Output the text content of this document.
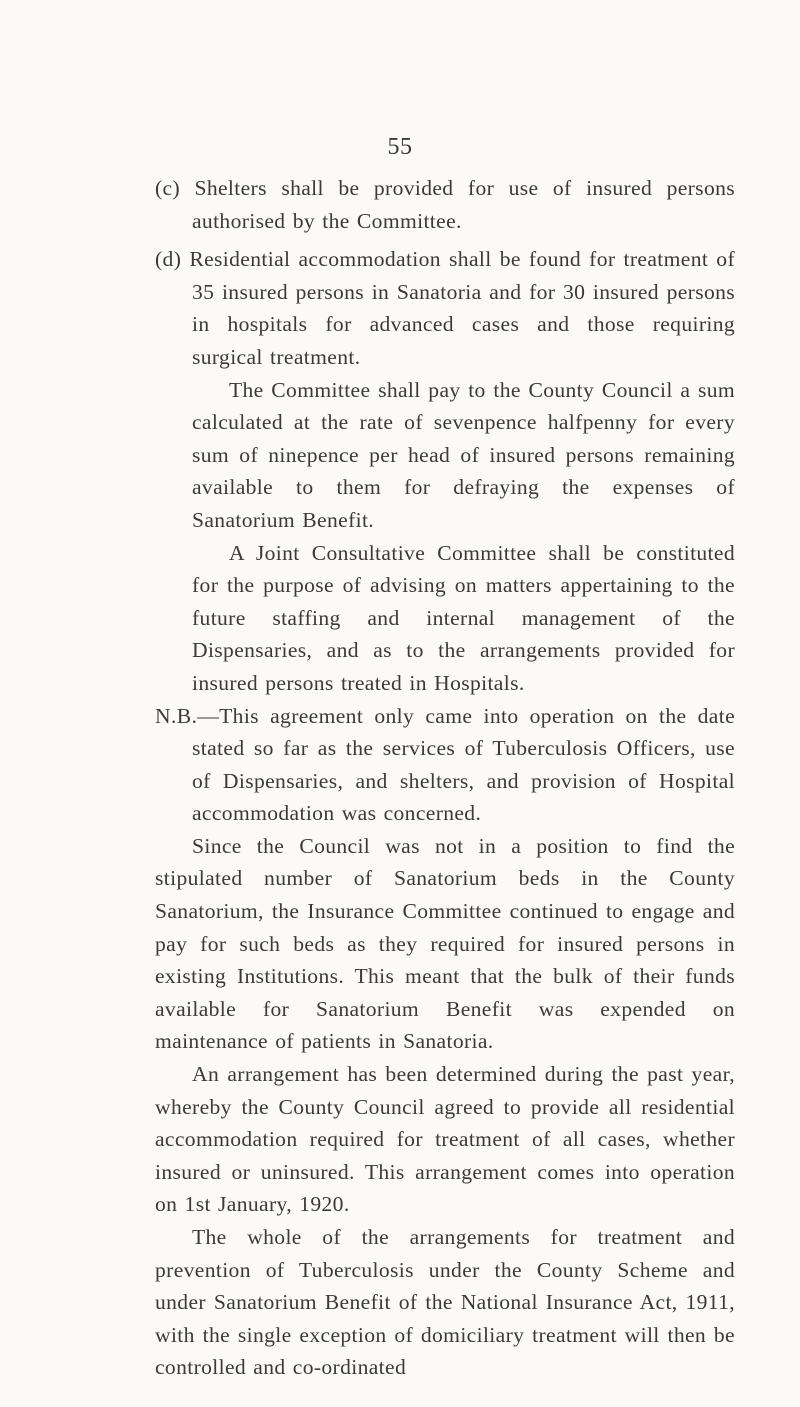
55

(c) Shelters shall be provided for use of insured persons authorised by the Committee.

(d) Residential accommodation shall be found for treatment of 35 insured persons in Sanatoria and for 30 insured persons in hospitals for advanced cases and those requiring surgical treatment.

The Committee shall pay to the County Council a sum calculated at the rate of sevenpence halfpenny for every sum of ninepence per head of insured persons remaining available to them for defraying the expenses of Sanatorium Benefit.

A Joint Consultative Committee shall be constituted for the purpose of advising on matters appertaining to the future staffing and internal management of the Dispensaries, and as to the arrangements provided for insured persons treated in Hospitals.

N.B.—This agreement only came into operation on the date stated so far as the services of Tuberculosis Officers, use of Dispensaries, and shelters, and provision of Hospital accommodation was concerned.

Since the Council was not in a position to find the stipulated number of Sanatorium beds in the County Sanatorium, the Insurance Committee continued to engage and pay for such beds as they required for insured persons in existing Institutions. This meant that the bulk of their funds available for Sanatorium Benefit was expended on maintenance of patients in Sanatoria.

An arrangement has been determined during the past year, whereby the County Council agreed to provide all residential accommodation required for treatment of all cases, whether insured or uninsured. This arrangement comes into operation on 1st January, 1920.

The whole of the arrangements for treatment and prevention of Tuberculosis under the County Scheme and under Sanatorium Benefit of the National Insurance Act, 1911, with the single exception of domiciliary treatment will then be controlled and co-ordinated
